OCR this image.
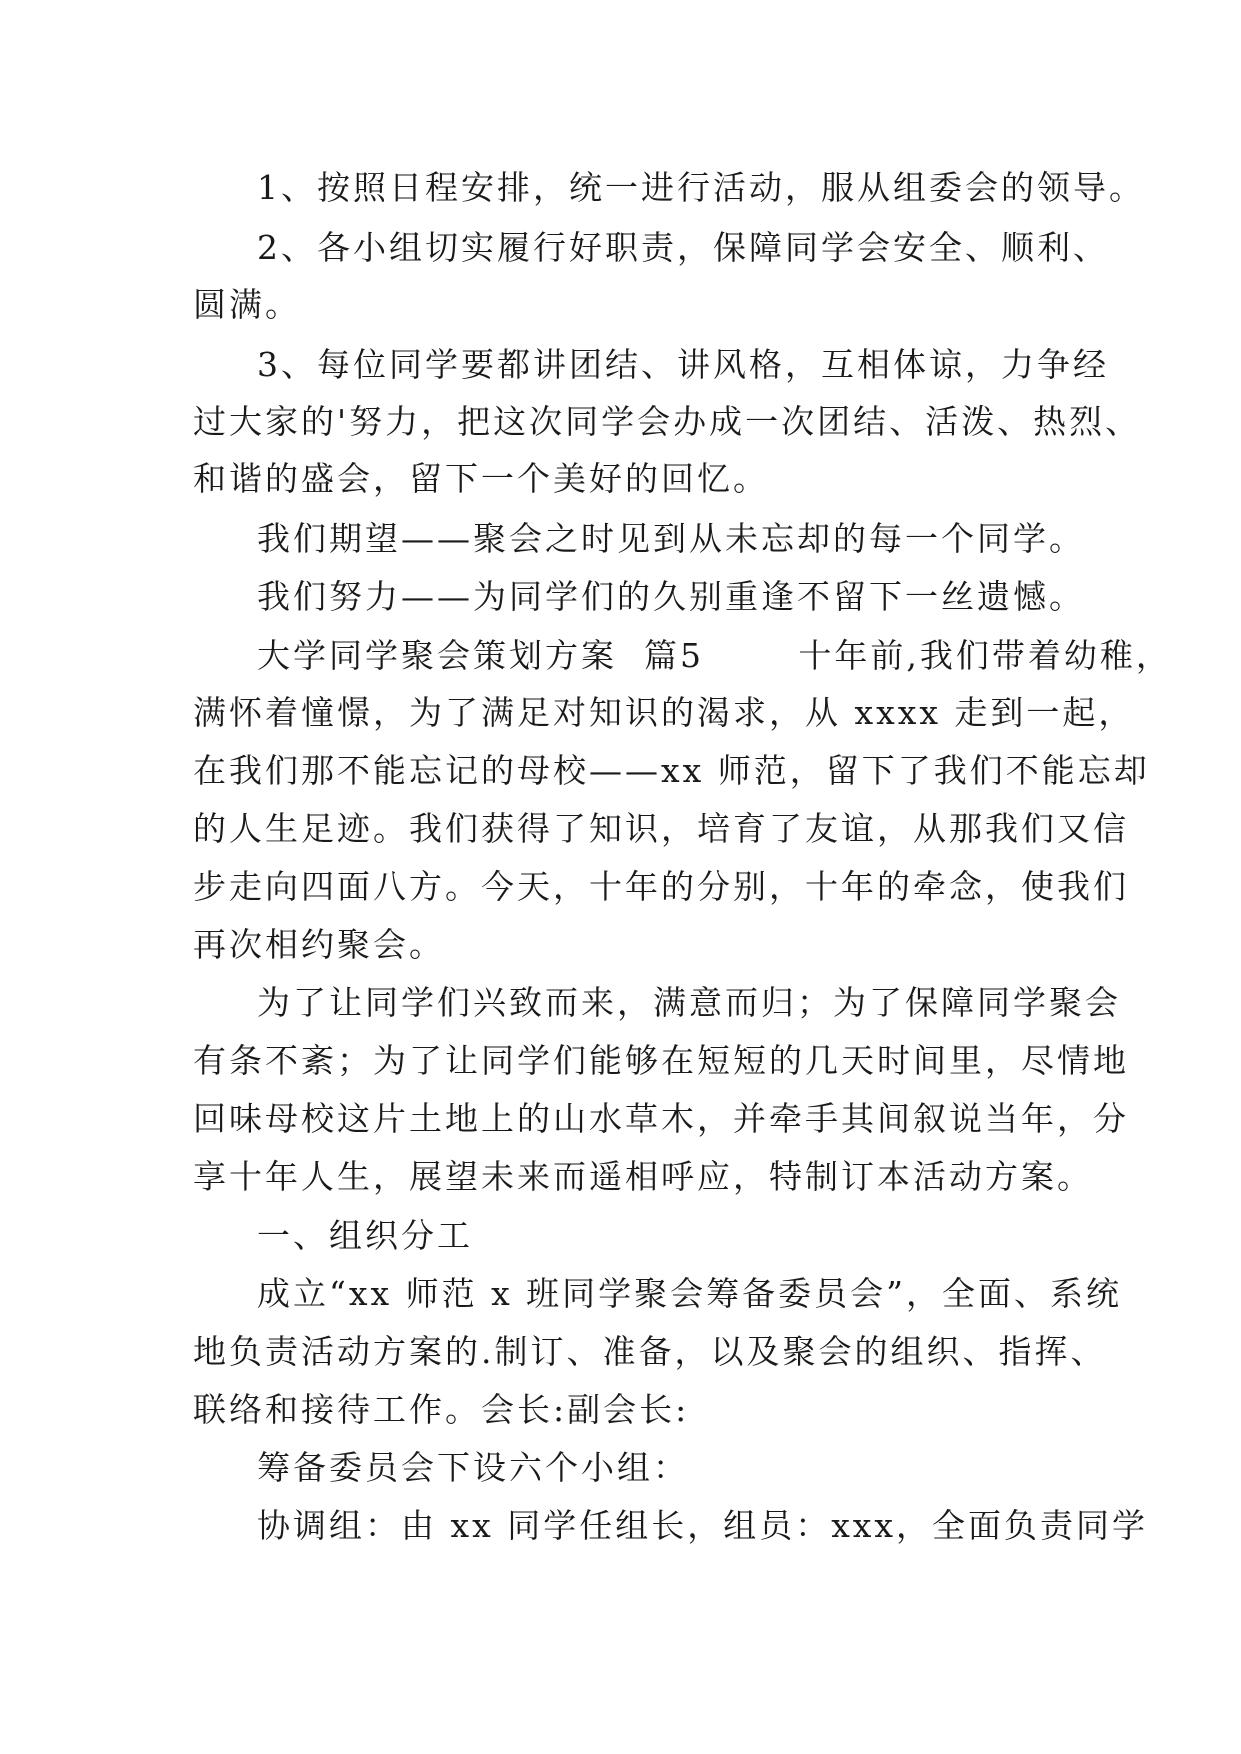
1、按照日程安排，统一进行活动，服从组委会的领导。
2、各小组切实履行好职责，保障同学会安全、顺利、
圆满。
3、每位同学要都讲团结、讲风格，互相体谅，力争经
过大家的'努力，把这次同学会办成一次团结、活泼、热烈、
和谐的盛会，留下一个美好的回忆。
我们期望——聚会之时见到从未忘却的每一个同学。
我们努力——为同学们的久别重逢不留下一丝遗憾。
大学同学聚会策划方案  篇5       十年前,我们带着幼稚，
满怀着憧憬，为了满足对知识的渴求，从 xxxx 走到一起，
在我们那不能忘记的母校——xx 师范，留下了我们不能忘却
的人生足迹。我们获得了知识，培育了友谊，从那我们又信
步走向四面八方。今天，十年的分别，十年的牵念，使我们
再次相约聚会。
为了让同学们兴致而来，满意而归；为了保障同学聚会
有条不紊；为了让同学们能够在短短的几天时间里，尽情地
回味母校这片土地上的山水草木，并牵手其间叙说当年，分
享十年人生，展望未来而遥相呼应，特制订本活动方案。
一、组织分工
成立“xx 师范 x 班同学聚会筹备委员会”，全面、系统
地负责活动方案的.制订、准备，以及聚会的组织、指挥、
联络和接待工作。会长:副会长:
筹备委员会下设六个小组：
协调组：由 xx 同学任组长，组员：xxx，全面负责同学
